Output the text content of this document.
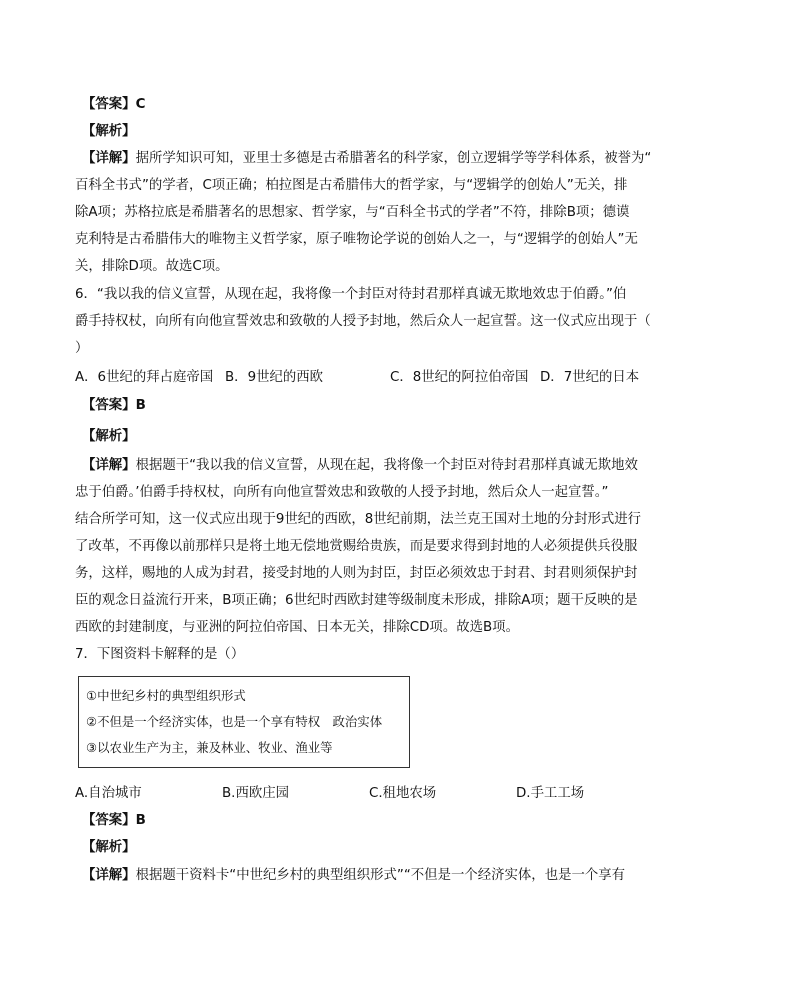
【答案】C
【解析】
【详解】据所学知识可知，亚里士多德是古希腊著名的科学家，创立逻辑学等学科体系，被誉为“
百科全书式”的学者，C项正确；柏拉图是古希腊伟大的哲学家，与“逻辑学的创始人”无关，排
除A项；苏格拉底是希腊著名的思想家、哲学家，与“百科全书式的学者”不符，排除B项；德谟
克利特是古希腊伟大的唯物主义哲学家，原子唯物论学说的创始人之一，与“逻辑学的创始人”无
关，排除D项。故选C项。
6．“我以我的信义宣誓，从现在起，我将像一个封臣对待封君那样真诚无欺地效忠于伯爵。”伯
爵手持权杖，向所有向他宣誓效忠和致敬的人授予封地，然后众人一起宣誓。这一仪式应出现于（
）
A．6世纪的拜占庭帝国 B．9世纪的西欧	C．8世纪的阿拉伯帝国 D．7世纪的日本
【答案】B
【解析】
【详解】根据题干“我以我的信义宣誓，从现在起，我将像一个封臣对待封君那样真诚无欺地效
忠于伯爵。’伯爵手持权杖，向所有向他宣誓效忠和致敬的人授予封地，然后众人一起宣誓。”
结合所学可知，这一仪式应出现于9世纪的西欧，8世纪前期，法兰克王国对土地的分封形式进行
了改革，不再像以前那样只是将土地无偿地赏赐给贵族，而是要求得到封地的人必须提供兵役服
务，这样，赐地的人成为封君，接受封地的人则为封臣，封臣必须效忠于封君、封君则须保护封
臣的观念日益流行开来，B项正确；6世纪时西欧封建等级制度未形成，排除A项；题干反映的是
西欧的封建制度，与亚洲的阿拉伯帝国、日本无关，排除CD项。故选B项。
7．下图资料卡解释的是（）
①中世纪乡村的典型组织形式
②不但是一个经济实体，也是一个享有特权　政治实体
③以农业生产为主，兼及林业、牧业、渔业等
A.自治城市	B.西欧庄园	C.租地农场	D.手工工场
【答案】B
【解析】
【详解】根据题干资料卡“中世纪乡村的典型组织形式”“不但是一个经济实体，也是一个享有
